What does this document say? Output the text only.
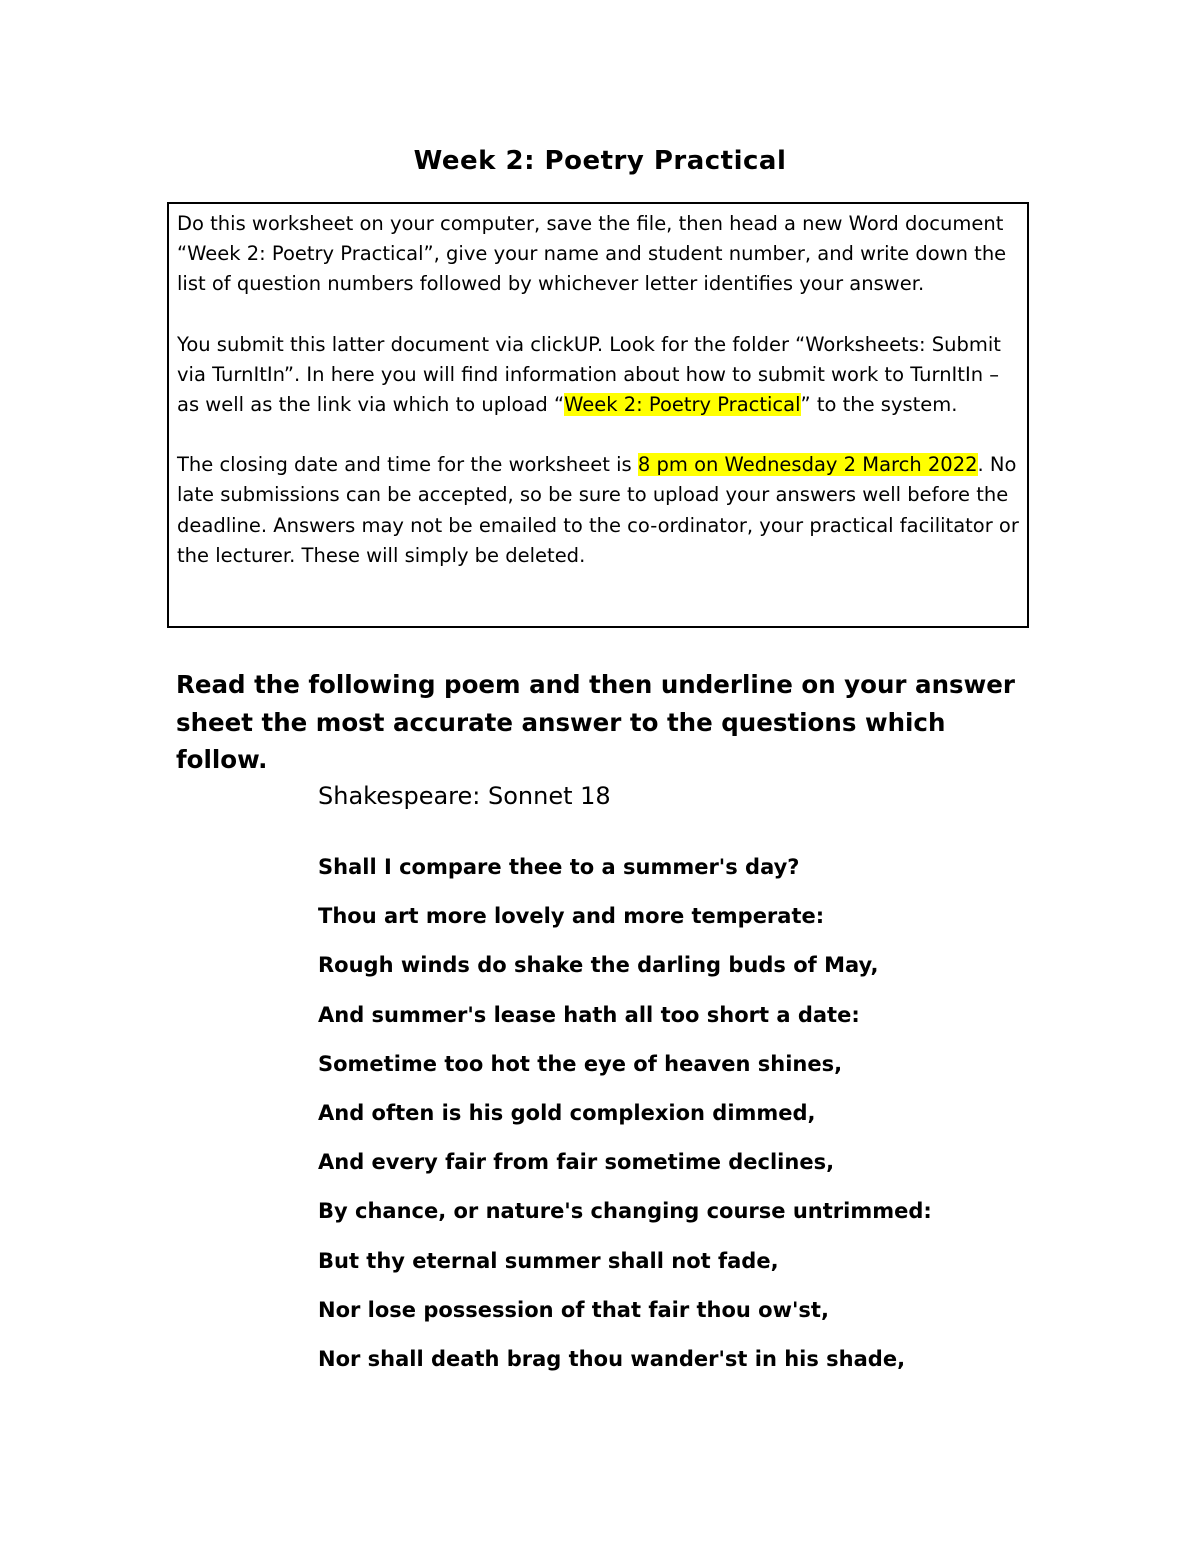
Week 2: Poetry Practical

Do this worksheet on your computer, save the file, then head a new Word document “Week 2: Poetry Practical”, give your name and student number, and write down the list of question numbers followed by whichever letter identifies your answer.

You submit this latter document via clickUP. Look for the folder “Worksheets: Submit via TurnItIn”. In here you will find information about how to submit work to TurnItIn – as well as the link via which to upload “Week 2: Poetry Practical” to the system.

The closing date and time for the worksheet is 8 pm on Wednesday 2 March 2022. No late submissions can be accepted, so be sure to upload your answers well before the deadline. Answers may not be emailed to the co-ordinator, your practical facilitator or the lecturer. These will simply be deleted.

Read the following poem and then underline on your answer sheet the most accurate answer to the questions which follow.
Shakespeare: Sonnet 18
Shall I compare thee to a summer's day?
Thou art more lovely and more temperate:
Rough winds do shake the darling buds of May,
And summer's lease hath all too short a date:
Sometime too hot the eye of heaven shines,
And often is his gold complexion dimmed,
And every fair from fair sometime declines,
By chance, or nature's changing course untrimmed:
But thy eternal summer shall not fade,
Nor lose possession of that fair thou ow'st,
Nor shall death brag thou wander'st in his shade,
